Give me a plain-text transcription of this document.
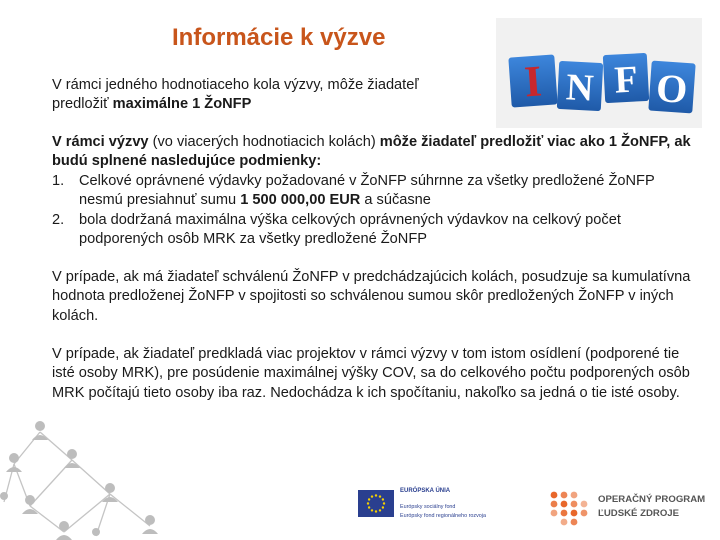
Informácie k výzve
I N F O
V rámci jedného hodnotiaceho kola výzvy, môže žiadateľ predložiť maximálne 1 ŽoNFP
V rámci výzvy (vo viacerých hodnotiacich kolách) môže žiadateľ predložiť viac ako 1 ŽoNFP, ak budú splnené nasledujúce podmienky:
1.	Celkové oprávnené výdavky požadované v ŽoNFP súhrnne za všetky predložené ŽoNFP nesmú presiahnuť sumu 1 500 000,00 EUR a súčasne
2.	bola dodržaná maximálna výška celkových oprávnených výdavkov na celkový počet podporených osôb MRK za všetky predložené ŽoNFP
V prípade, ak má žiadateľ schválenú ŽoNFP v predchádzajúcich kolách, posudzuje sa kumulatívna hodnota predloženej ŽoNFP v spojitosti so schválenou sumou skôr predložených ŽoNFP v iných kolách.
V prípade, ak žiadateľ predkladá viac projektov v rámci výzvy v tom istom osídlení (podporené tie isté osoby MRK), pre posúdenie maximálnej výšky COV, sa do celkového počtu podporených osôb MRK počítajú tieto osoby iba raz. Nedochádza k ich spočítaniu, nakoľko sa jedná o tie isté osoby.
EURÓPSKA ÚNIA
Európsky sociálny fond
Európsky fond regionálneho rozvoja
OPERAČNÝ PROGRAM
ĽUDSKÉ ZDROJE
